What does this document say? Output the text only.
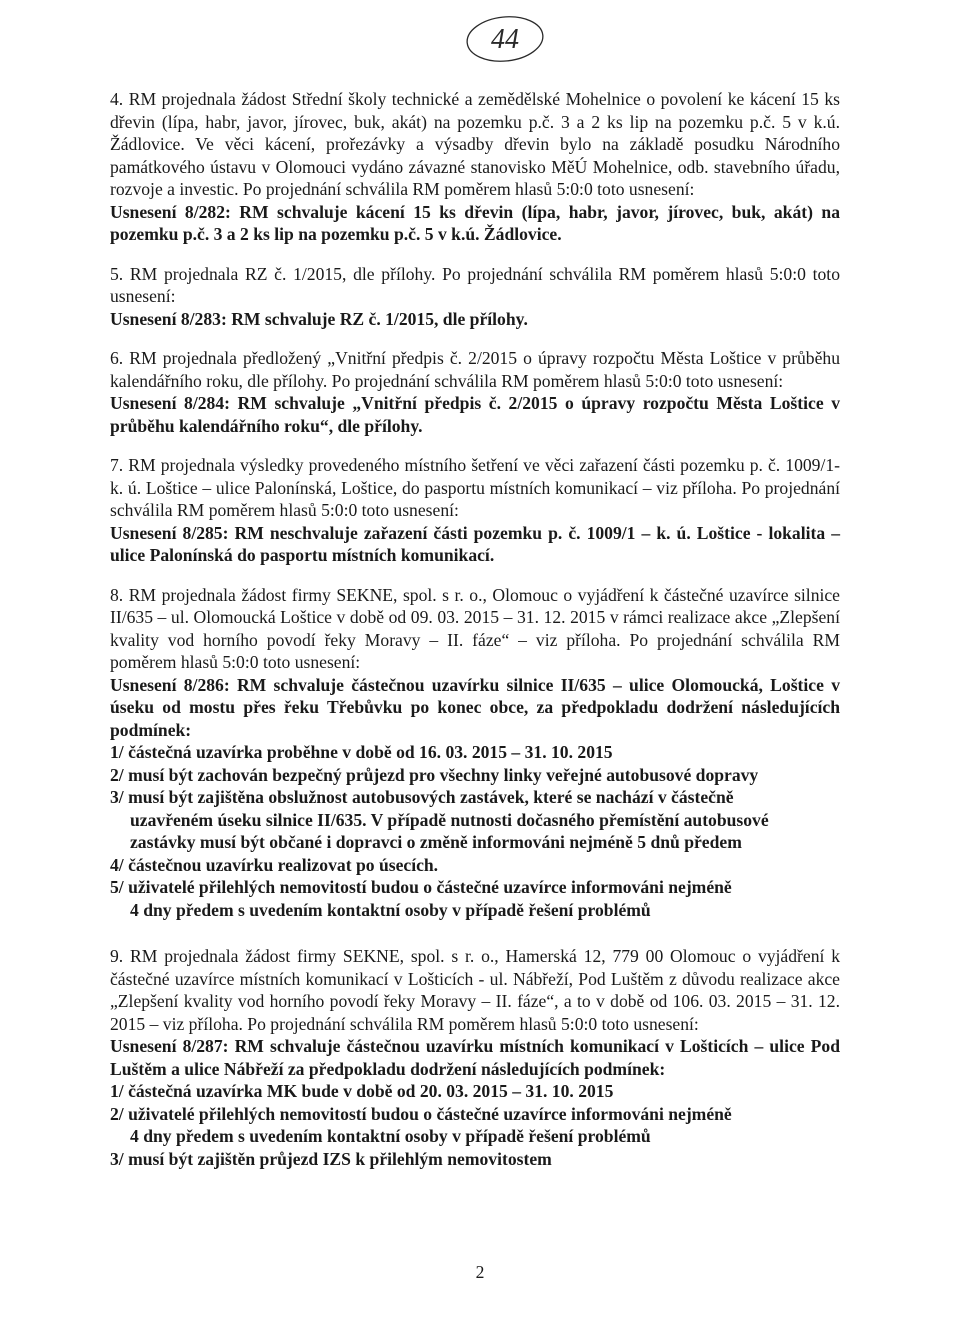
44
4. RM projednala žádost Střední školy technické a zemědělské Mohelnice o povolení ke kácení 15 ks dřevin (lípa, habr, javor, jírovec, buk, akát) na pozemku p.č. 3 a 2 ks lip na pozemku p.č. 5 v k.ú. Žádlovice. Ve věci kácení, prořezávky a výsadby dřevin bylo na základě posudku Národního památkového ústavu v Olomouci vydáno závazné stanovisko MěÚ Mohelnice, odb. stavebního úřadu, rozvoje a investic. Po projednání schválila RM poměrem hlasů 5:0:0 toto usnesení:
Usnesení 8/282: RM schvaluje kácení 15 ks dřevin (lípa, habr, javor, jírovec, buk, akát) na pozemku p.č. 3 a 2 ks lip na pozemku p.č. 5 v k.ú. Žádlovice.
5. RM projednala RZ č. 1/2015, dle přílohy. Po projednání schválila RM poměrem hlasů 5:0:0 toto usnesení:
Usnesení 8/283: RM schvaluje RZ č. 1/2015, dle přílohy.
6. RM projednala předložený „Vnitřní předpis č. 2/2015 o úpravy rozpočtu Města Loštice v průběhu kalendářního roku, dle přílohy. Po projednání schválila RM poměrem hlasů 5:0:0 toto usnesení:
Usnesení 8/284: RM schvaluje „Vnitřní předpis č. 2/2015 o úpravy rozpočtu Města Loštice v průběhu kalendářního roku“, dle přílohy.
7. RM projednala výsledky provedeného místního šetření ve věci zařazení části pozemku p. č. 1009/1- k. ú. Loštice – ulice Palonínská, Loštice, do pasportu místních komunikací – viz příloha. Po projednání schválila RM poměrem hlasů 5:0:0 toto usnesení:
Usnesení 8/285: RM neschvaluje zařazení části pozemku p. č. 1009/1 – k. ú. Loštice - lokalita – ulice Palonínská do pasportu místních komunikací.
8. RM projednala žádost firmy SEKNE, spol. s r. o., Olomouc o vyjádření k částečné uzavírce silnice II/635 – ul. Olomoucká Loštice v době od 09. 03. 2015 – 31. 12. 2015 v rámci realizace akce „Zlepšení kvality vod horního povodí řeky Moravy – II. fáze“ – viz příloha. Po projednání schválila RM poměrem hlasů 5:0:0 toto usnesení:
Usnesení 8/286: RM schvaluje částečnou uzavírku silnice II/635 – ulice Olomoucká, Loštice v úseku od mostu přes řeku Třebůvku po konec obce, za předpokladu dodržení následujících podmínek:
1/ částečná uzavírka proběhne v době od 16. 03. 2015 – 31. 10. 2015
2/ musí být zachován bezpečný průjezd pro všechny linky veřejné autobusové dopravy
3/ musí být zajištěna obslužnost autobusových zastávek, které se nachází v částečně
uzavřeném úseku silnice II/635. V případě nutnosti dočasného přemístění autobusové
zastávky musí být občané i dopravci o změně informováni nejméně 5 dnů předem
4/ částečnou uzavírku realizovat po úsecích.
5/ uživatelé přilehlých nemovitostí budou o částečné uzavírce informováni nejméně
4 dny předem s uvedením kontaktní osoby v případě řešení problémů
9. RM projednala žádost firmy SEKNE, spol. s r. o., Hamerská 12, 779 00 Olomouc o vyjádření k částečné uzavírce místních komunikací v Lošticích - ul. Nábřeží, Pod Luštěm z důvodu realizace akce „Zlepšení kvality vod horního povodí řeky Moravy – II. fáze“, a to v době od 106. 03. 2015 – 31. 12. 2015 – viz příloha. Po projednání schválila RM poměrem hlasů 5:0:0 toto usnesení:
Usnesení 8/287: RM schvaluje částečnou uzavírku místních komunikací v Lošticích – ulice Pod Luštěm a ulice Nábřeží za předpokladu dodržení následujících podmínek:
1/ částečná uzavírka MK bude v době od 20. 03. 2015 – 31. 10. 2015
2/ uživatelé přilehlých nemovitostí budou o částečné uzavírce informováni nejméně
4 dny předem s uvedením kontaktní osoby v případě řešení problémů
3/ musí být zajištěn průjezd IZS k přilehlým nemovitostem
2
